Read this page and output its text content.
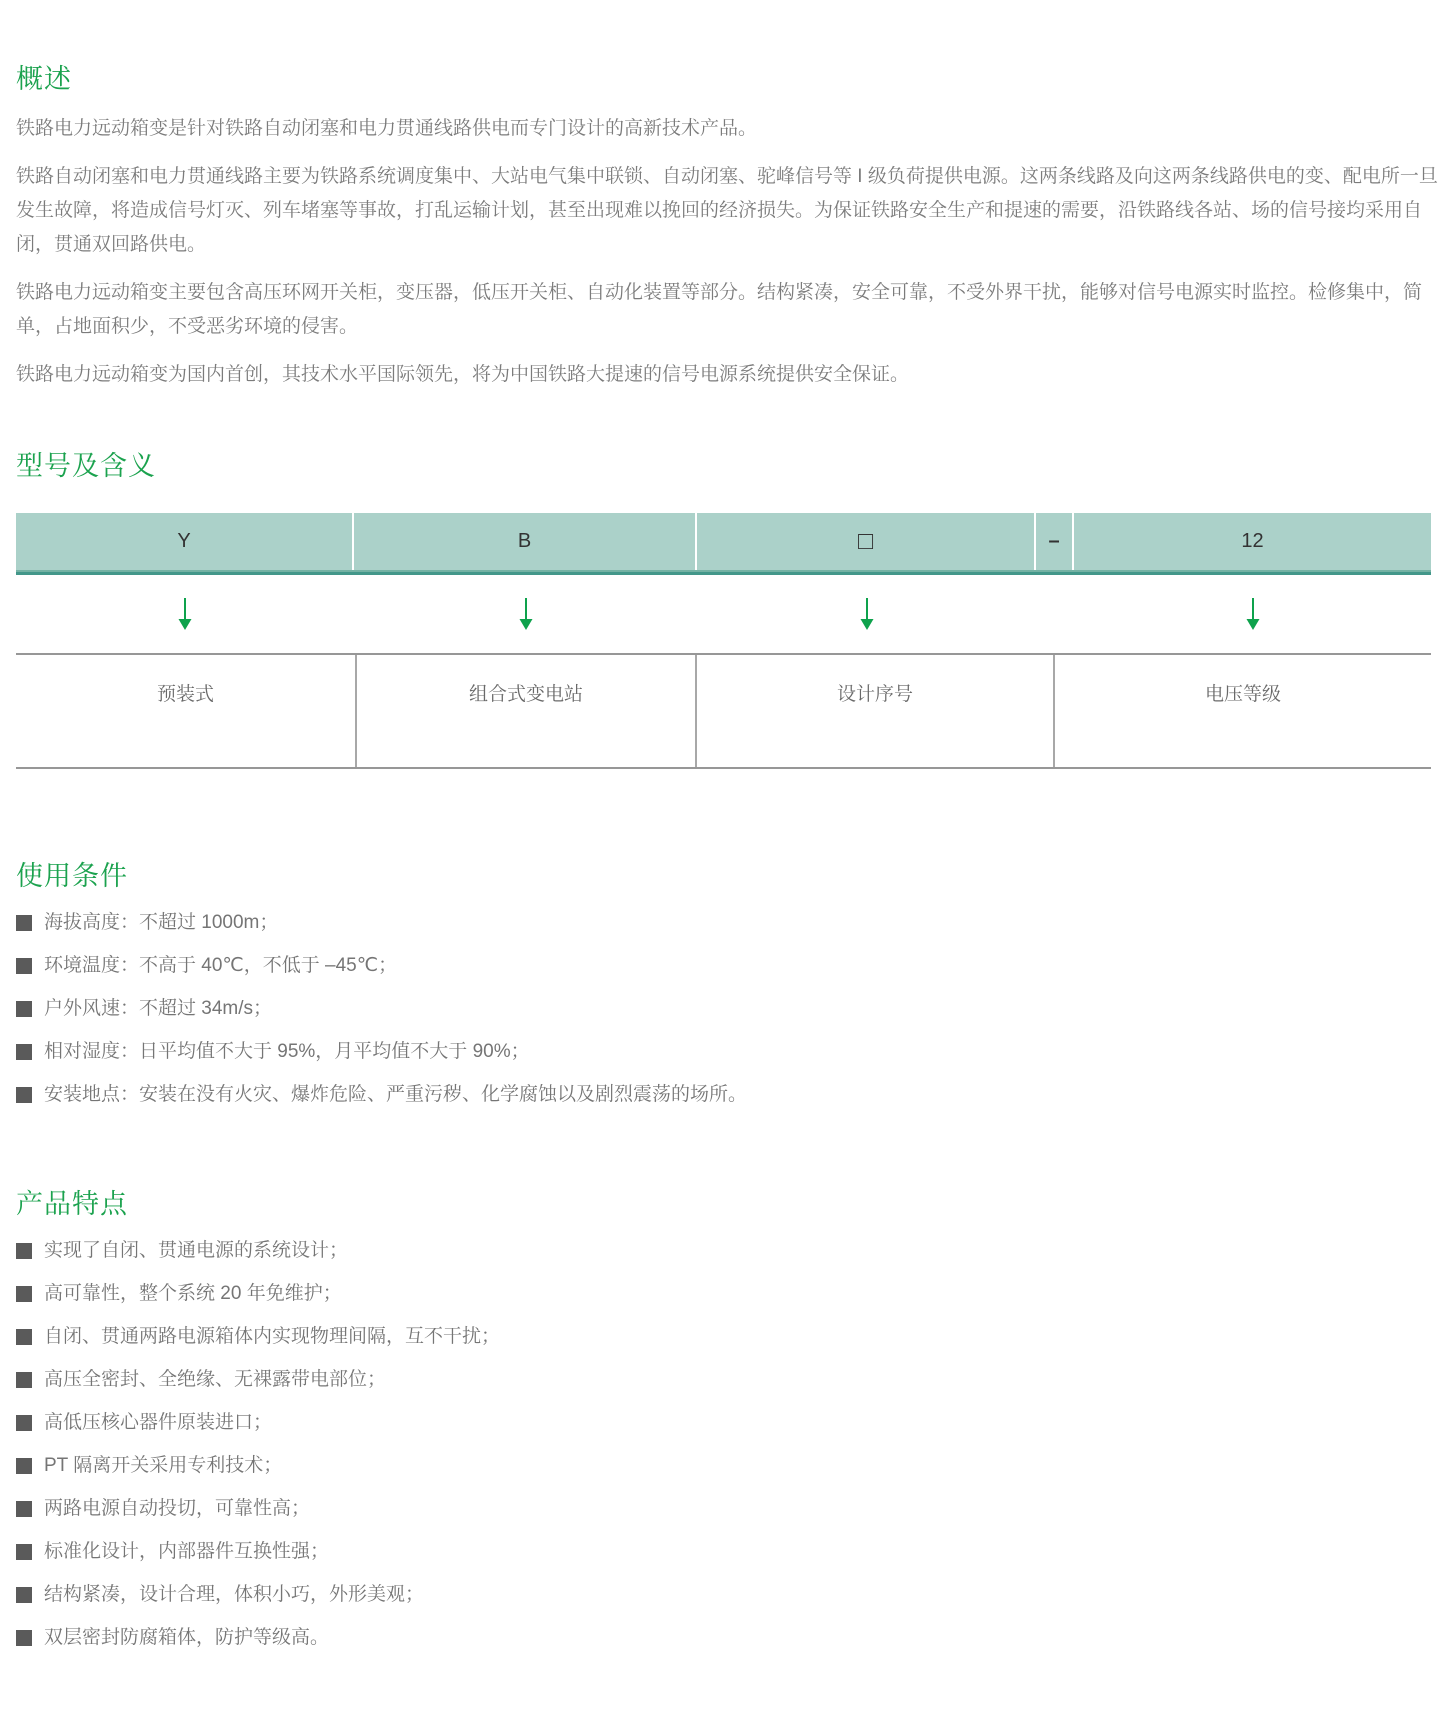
概述

铁路电力远动箱变是针对铁路自动闭塞和电力贯通线路供电而专门设计的高新技术产品。

铁路自动闭塞和电力贯通线路主要为铁路系统调度集中、大站电气集中联锁、自动闭塞、驼峰信号等 I 级负荷提供电源。这两条线路及向这两条线路供电的变、配电所一旦发生故障，将造成信号灯灭、列车堵塞等事故，打乱运输计划，甚至出现难以挽回的经济损失。为保证铁路安全生产和提速的需要，沿铁路线各站、场的信号接均采用自闭，贯通双回路供电。

铁路电力远动箱变主要包含高压环网开关柜，变压器，低压开关柜、自动化装置等部分。结构紧凑，安全可靠，不受外界干扰，能够对信号电源实时监控。检修集中，简单，占地面积少，不受恶劣环境的侵害。

铁路电力远动箱变为国内首创，其技术水平国际领先，将为中国铁路大提速的信号电源系统提供安全保证。

型号及含义
Y	B	□	–	12
预装式	组合式变电站	设计序号	电压等级
使用条件
海拔高度：不超过 1000m；
环境温度：不高于 40℃，不低于 –45℃；
户外风速：不超过 34m/s；
相对湿度：日平均值不大于 95%，月平均值不大于 90%；
安装地点：安装在没有火灾、爆炸危险、严重污秽、化学腐蚀以及剧烈震荡的场所。
产品特点
实现了自闭、贯通电源的系统设计；
高可靠性，整个系统 20 年免维护；
自闭、贯通两路电源箱体内实现物理间隔，互不干扰；
高压全密封、全绝缘、无裸露带电部位；
高低压核心器件原装进口；
PT 隔离开关采用专利技术；
两路电源自动投切，可靠性高；
标准化设计，内部器件互换性强；
结构紧凑，设计合理，体积小巧，外形美观；
双层密封防腐箱体，防护等级高。
